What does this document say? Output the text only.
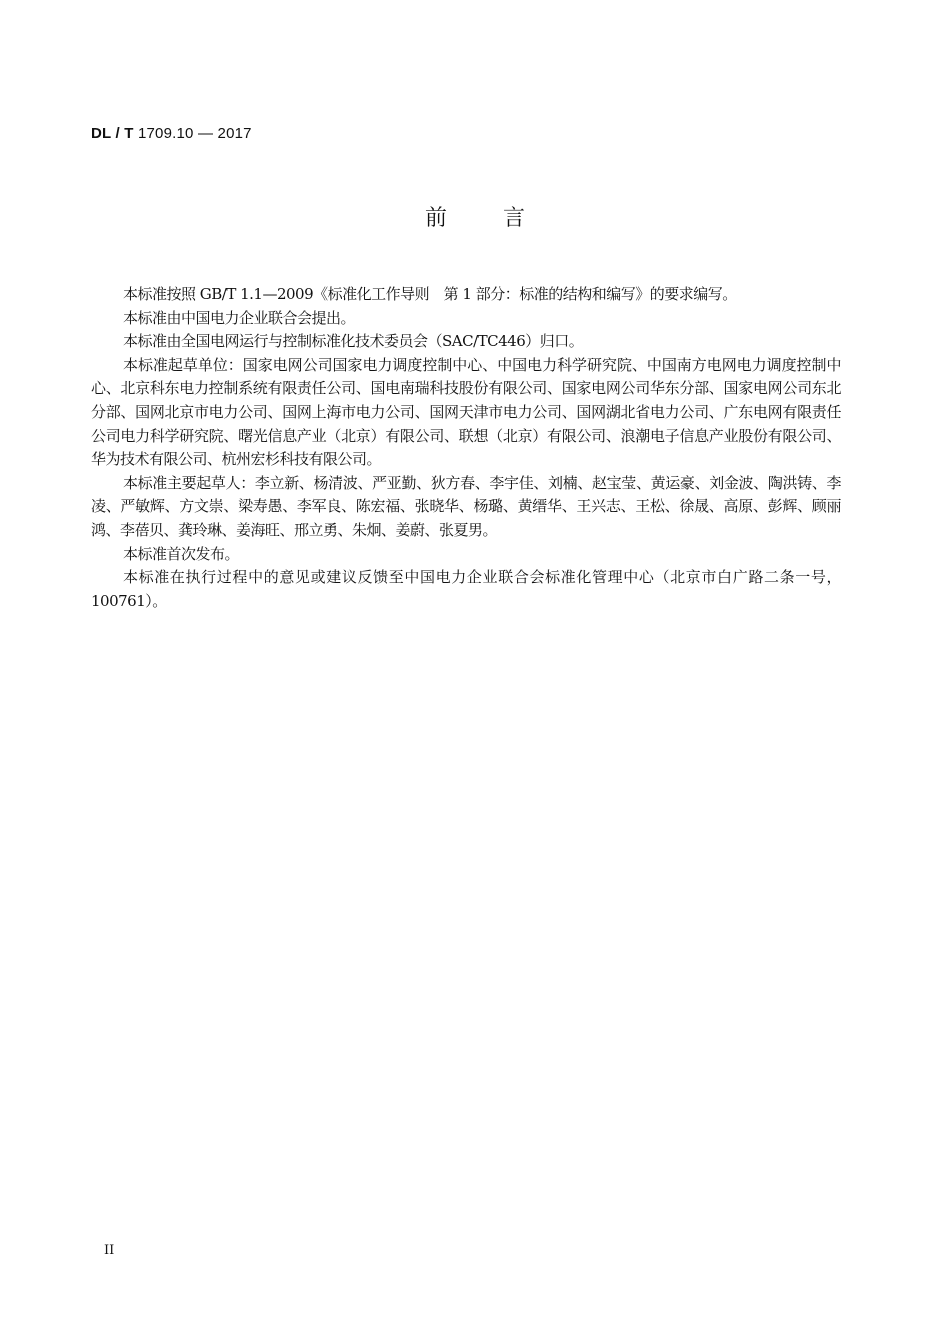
DL / T 1709.10 — 2017
前	言

本标准按照 GB/T 1.1—2009《标准化工作导则　第 1 部分：标准的结构和编写》的要求编写。

本标准由中国电力企业联合会提出。

本标准由全国电网运行与控制标准化技术委员会（SAC/TC446）归口。

本标准起草单位：国家电网公司国家电力调度控制中心、中国电力科学研究院、中国南方电网电力调度控制中心、北京科东电力控制系统有限责任公司、国电南瑞科技股份有限公司、国家电网公司华东分部、国家电网公司东北分部、国网北京市电力公司、国网上海市电力公司、国网天津市电力公司、国网湖北省电力公司、广东电网有限责任公司电力科学研究院、曙光信息产业（北京）有限公司、联想（北京）有限公司、浪潮电子信息产业股份有限公司、华为技术有限公司、杭州宏杉科技有限公司。

本标准主要起草人：李立新、杨清波、严亚勤、狄方春、李宇佳、刘楠、赵宝莹、黄运豪、刘金波、陶洪铸、李凌、严敏辉、方文崇、梁寿愚、李军良、陈宏福、张晓华、杨璐、黄缙华、王兴志、王松、徐晟、高原、彭辉、顾丽鸿、李蓓贝、龚玲琳、姜海旺、邢立勇、朱炯、姜蔚、张夏男。

本标准首次发布。

本标准在执行过程中的意见或建议反馈至中国电力企业联合会标准化管理中心（北京市白广路二条一号，100761）。

II
